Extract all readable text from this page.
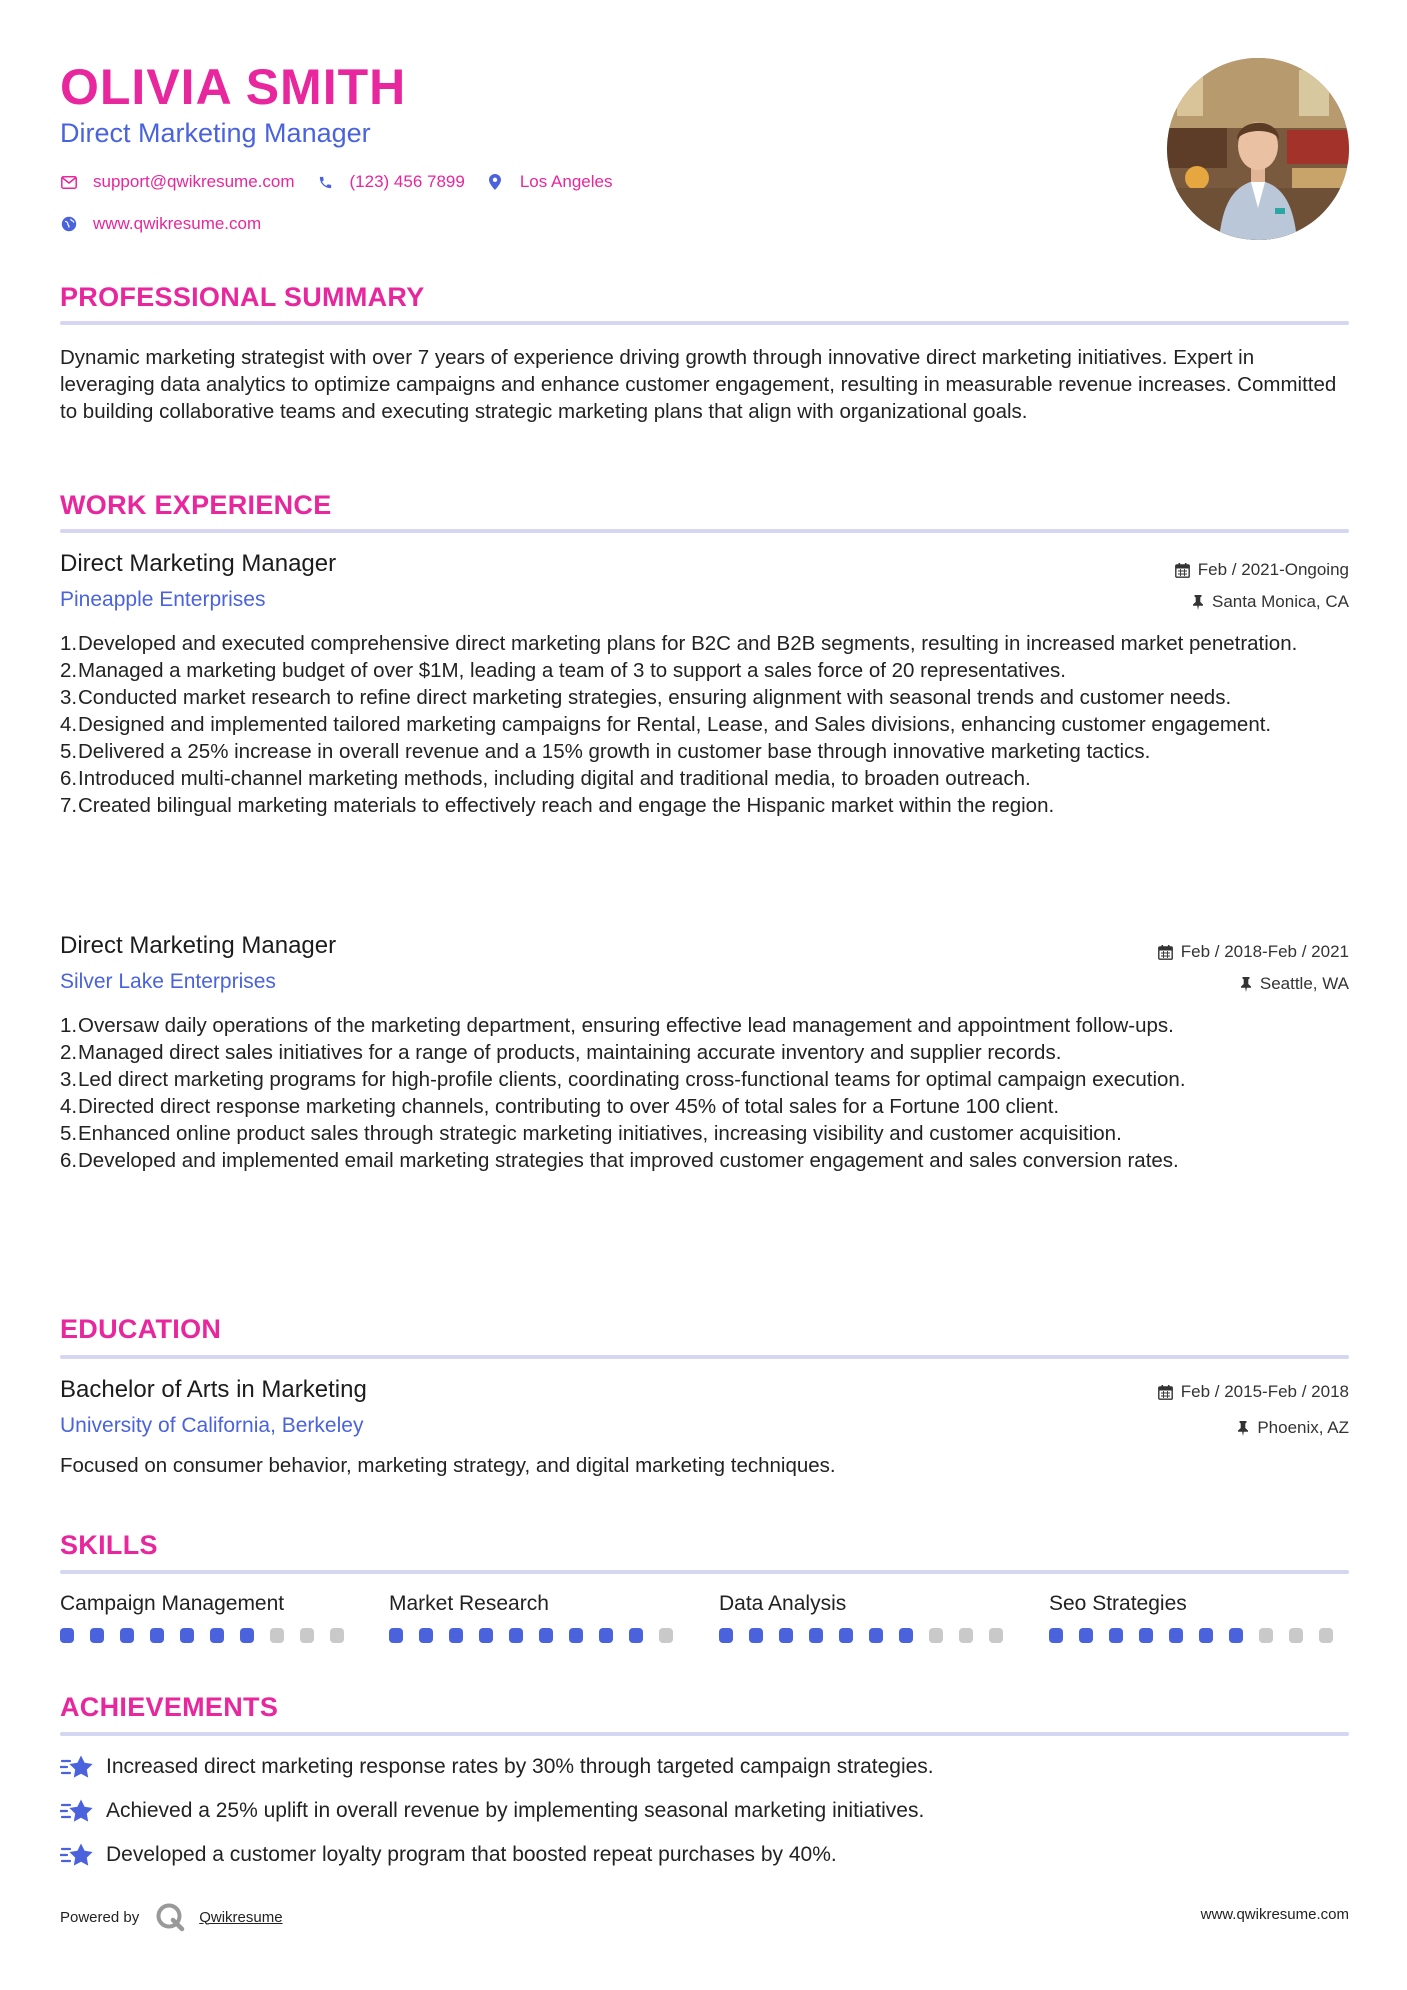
OLIVIA SMITH
Direct Marketing Manager
support@qwikresume.com	(123) 456 7899	Los Angeles
www.qwikresume.com
PROFESSIONAL SUMMARY

Dynamic marketing strategist with over 7 years of experience driving growth through innovative direct marketing initiatives. Expert in leveraging data analytics to optimize campaigns and enhance customer engagement, resulting in measurable revenue increases. Committed to building collaborative teams and executing strategic marketing plans that align with organizational goals.

WORK EXPERIENCE
Direct Marketing Manager	Feb / 2021-Ongoing
Pineapple Enterprises	Santa Monica, CA
1. Developed and executed comprehensive direct marketing plans for B2C and B2B segments, resulting in increased market penetration.
2. Managed a marketing budget of over $1M, leading a team of 3 to support a sales force of 20 representatives.
3. Conducted market research to refine direct marketing strategies, ensuring alignment with seasonal trends and customer needs.
4. Designed and implemented tailored marketing campaigns for Rental, Lease, and Sales divisions, enhancing customer engagement.
5. Delivered a 25% increase in overall revenue and a 15% growth in customer base through innovative marketing tactics.
6. Introduced multi-channel marketing methods, including digital and traditional media, to broaden outreach.
7. Created bilingual marketing materials to effectively reach and engage the Hispanic market within the region.
Direct Marketing Manager	Feb / 2018-Feb / 2021
Silver Lake Enterprises	Seattle, WA
1. Oversaw daily operations of the marketing department, ensuring effective lead management and appointment follow-ups.
2. Managed direct sales initiatives for a range of products, maintaining accurate inventory and supplier records.
3. Led direct marketing programs for high-profile clients, coordinating cross-functional teams for optimal campaign execution.
4. Directed direct response marketing channels, contributing to over 45% of total sales for a Fortune 100 client.
5. Enhanced online product sales through strategic marketing initiatives, increasing visibility and customer acquisition.
6. Developed and implemented email marketing strategies that improved customer engagement and sales conversion rates.
EDUCATION
Bachelor of Arts in Marketing	Feb / 2015-Feb / 2018
University of California, Berkeley	Phoenix, AZ

Focused on consumer behavior, marketing strategy, and digital marketing techniques.

SKILLS
Campaign Management	Market Research	Data Analysis	Seo Strategies
ACHIEVEMENTS
Increased direct marketing response rates by 30% through targeted campaign strategies.
Achieved a 25% uplift in overall revenue by implementing seasonal marketing initiatives.
Developed a customer loyalty program that boosted repeat purchases by 40%.
Powered by	Qwikresume	www.qwikresume.com
